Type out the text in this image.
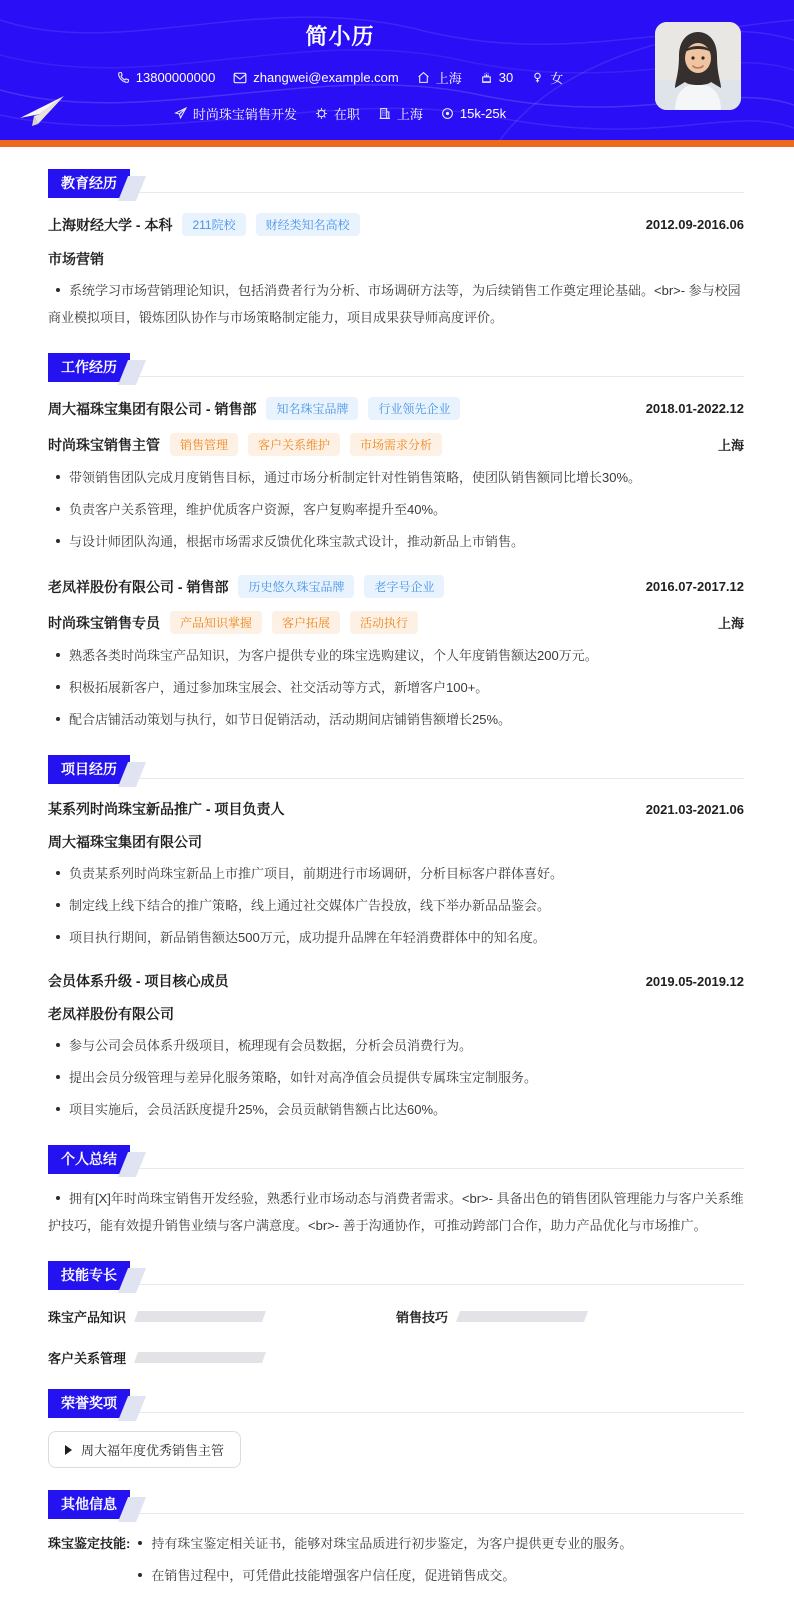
简小历
13800000000	zhangwei@example.com	上海	30	女
时尚珠宝销售开发	在职	上海	15k-25k
教育经历
上海财经大学 - 本科	211院校	财经类知名高校	2012.09-2016.06
市场营销
系统学习市场营销理论知识，包括消费者行为分析、市场调研方法等，为后续销售工作奠定理论基础。<br>- 参与校园商业模拟项目，锻炼团队协作与市场策略制定能力，项目成果获导师高度评价。
工作经历
周大福珠宝集团有限公司 - 销售部	知名珠宝品牌	行业领先企业	2018.01-2022.12
时尚珠宝销售主管	销售管理	客户关系维护	市场需求分析	上海
带领销售团队完成月度销售目标，通过市场分析制定针对性销售策略，使团队销售额同比增长30%。
负责客户关系管理，维护优质客户资源，客户复购率提升至40%。
与设计师团队沟通，根据市场需求反馈优化珠宝款式设计，推动新品上市销售。
老凤祥股份有限公司 - 销售部	历史悠久珠宝品牌	老字号企业	2016.07-2017.12
时尚珠宝销售专员	产品知识掌握	客户拓展	活动执行	上海
熟悉各类时尚珠宝产品知识，为客户提供专业的珠宝选购建议，个人年度销售额达200万元。
积极拓展新客户，通过参加珠宝展会、社交活动等方式，新增客户100+。
配合店铺活动策划与执行，如节日促销活动，活动期间店铺销售额增长25%。
项目经历
某系列时尚珠宝新品推广 - 项目负责人	2021.03-2021.06
周大福珠宝集团有限公司
负责某系列时尚珠宝新品上市推广项目，前期进行市场调研，分析目标客户群体喜好。
制定线上线下结合的推广策略，线上通过社交媒体广告投放，线下举办新品品鉴会。
项目执行期间，新品销售额达500万元，成功提升品牌在年轻消费群体中的知名度。
会员体系升级 - 项目核心成员	2019.05-2019.12
老凤祥股份有限公司
参与公司会员体系升级项目，梳理现有会员数据，分析会员消费行为。
提出会员分级管理与差异化服务策略，如针对高净值会员提供专属珠宝定制服务。
项目实施后，会员活跃度提升25%，会员贡献销售额占比达60%。
个人总结
拥有[X]年时尚珠宝销售开发经验，熟悉行业市场动态与消费者需求。<br>- 具备出色的销售团队管理能力与客户关系维护技巧，能有效提升销售业绩与客户满意度。<br>- 善于沟通协作，可推动跨部门合作，助力产品优化与市场推广。
技能专长
珠宝产品知识	销售技巧
客户关系管理
荣誉奖项
周大福年度优秀销售主管
其他信息
珠宝鉴定技能:	持有珠宝鉴定相关证书，能够对珠宝品质进行初步鉴定，为客户提供更专业的服务。
在销售过程中，可凭借此技能增强客户信任度，促进销售成交。
